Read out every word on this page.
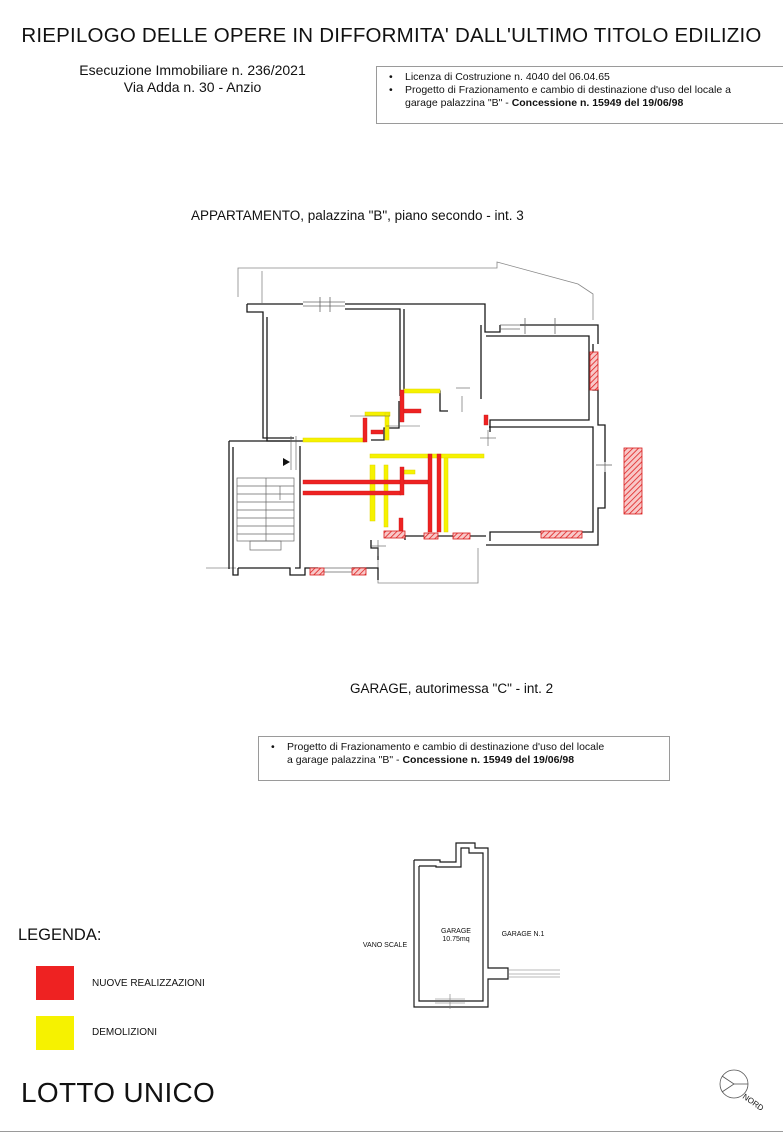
RIEPILOGO DELLE OPERE IN DIFFORMITA' DALL'ULTIMO TITOLO EDILIZIO
Esecuzione Immobiliare n. 236/2021
Via Adda n. 30 - Anzio
• Licenza di Costruzione n. 4040 del 06.04.65
• Progetto di Frazionamento e cambio di destinazione d'uso del locale a
garage palazzina "B" - Concessione n. 15949 del 19/06/98
APPARTAMENTO, palazzina "B", piano secondo - int. 3
GARAGE, autorimessa "C" - int. 2
• Progetto di Frazionamento e cambio di destinazione d'uso del locale
a garage palazzina "B" - Concessione n. 15949 del 19/06/98
GARAGE
10.75mq
VANO SCALE
GARAGE N.1
LEGENDA:
NUOVE REALIZZAZIONI
DEMOLIZIONI
LOTTO UNICO	NORD
